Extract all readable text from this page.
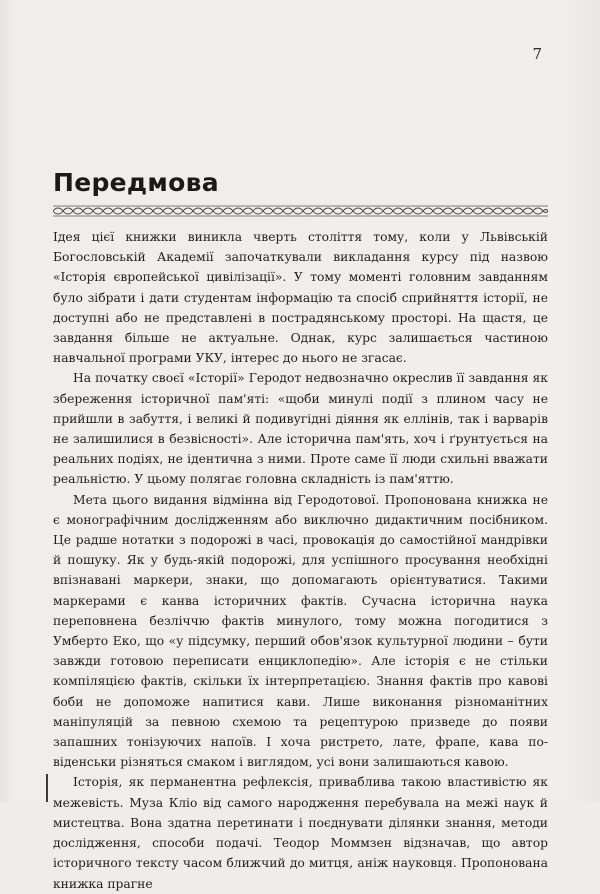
7
Передмова

Ідея цієї книжки виникла чверть століття тому, коли у Львівській Богословській Академії започаткували викладання курсу під назвою «Історія європейської цивілізації». У тому моменті головним завданням було зібрати і дати студентам інформацію та спосіб сприйняття історії, не доступні або не представлені в пострадянському просторі. На щастя, це завдання більше не актуальне. Однак, курс залишається частиною навчальної програми УКУ, інтерес до нього не згасає.

На початку своєї «Історії» Геродот недвозначно окреслив її завдання як збереження історичної пам'яті: «щоби минулі події з плином часу не прийшли в забуття, і великі й подивугідні діяння як еллінів, так і варварів не залишилися в безвісності». Але історична пам'ять, хоч і ґрунтується на реальних подіях, не ідентична з ними. Проте саме її люди схильні вважати реальністю. У цьому полягає головна складність із пам'яттю.

Мета цього видання відмінна від Геродотової. Пропонована книжка не є монографічним дослідженням або виключно дидактичним посібником. Це радше нотатки з подорожі в часі, провокація до самостійної мандрівки й пошуку. Як у будь-якій подорожі, для успішного просування необхідні впізнавані маркери, знаки, що допомагають орієнтуватися. Такими маркерами є канва історичних фактів. Сучасна історична наука переповнена безліччю фактів минулого, тому можна погодитися з Умберто Еко, що «у підсумку, перший обов'язок культурної людини – бути завжди готовою переписати енциклопедію». Але історія є не стільки компіляцією фактів, скільки їх інтерпретацією. Знання фактів про кавові боби не допоможе напитися кави. Лише виконання різноманітних маніпуляцій за певною схемою та рецептурою призведе до появи запашних тонізуючих напоїв. І хоча ристрето, лате, фрапе, кава по-віденськи різняться смаком і виглядом, усі вони залишаються кавою.

Історія, як перманентна рефлексія, приваблива такою властивістю як межевість. Муза Кліо від самого народження перебувала на межі наук й мистецтва. Вона здатна перетинати і поєднувати ділянки знання, методи дослідження, способи подачі. Теодор Моммзен відзначав, що автор історичного тексту часом ближчий до митця, аніж науковця. Пропонована книжка прагне
